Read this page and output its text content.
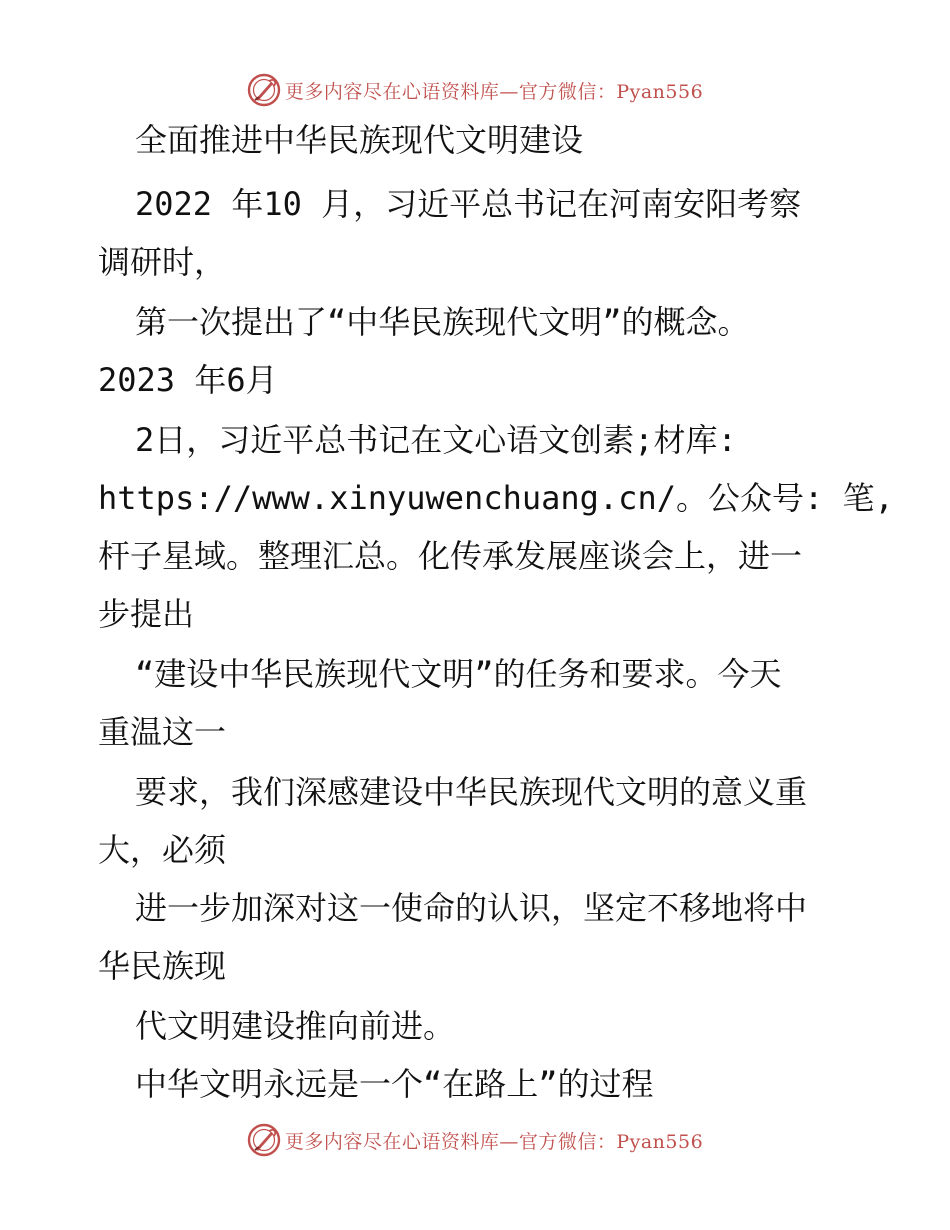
更多内容尽在心语资料库—官方微信：Pyan556
全面推进中华民族现代文明建设
2022 年10 月，习近平总书记在河南安阳考察
调研时，
第一次提出了“中华民族现代文明”的概念。
2023 年6月
2日，习近平总书记在文心语文创素;材库:
https://www.xinyuwenchuang.cn/。公众号: 笔,
杆子星域。整理汇总。化传承发展座谈会上，进一
步提出
“建设中华民族现代文明”的任务和要求。今天
重温这一
要求，我们深感建设中华民族现代文明的意义重
大，必须
进一步加深对这一使命的认识，坚定不移地将中
华民族现
代文明建设推向前进。
中华文明永远是一个“在路上”的过程
更多内容尽在心语资料库—官方微信：Pyan556
